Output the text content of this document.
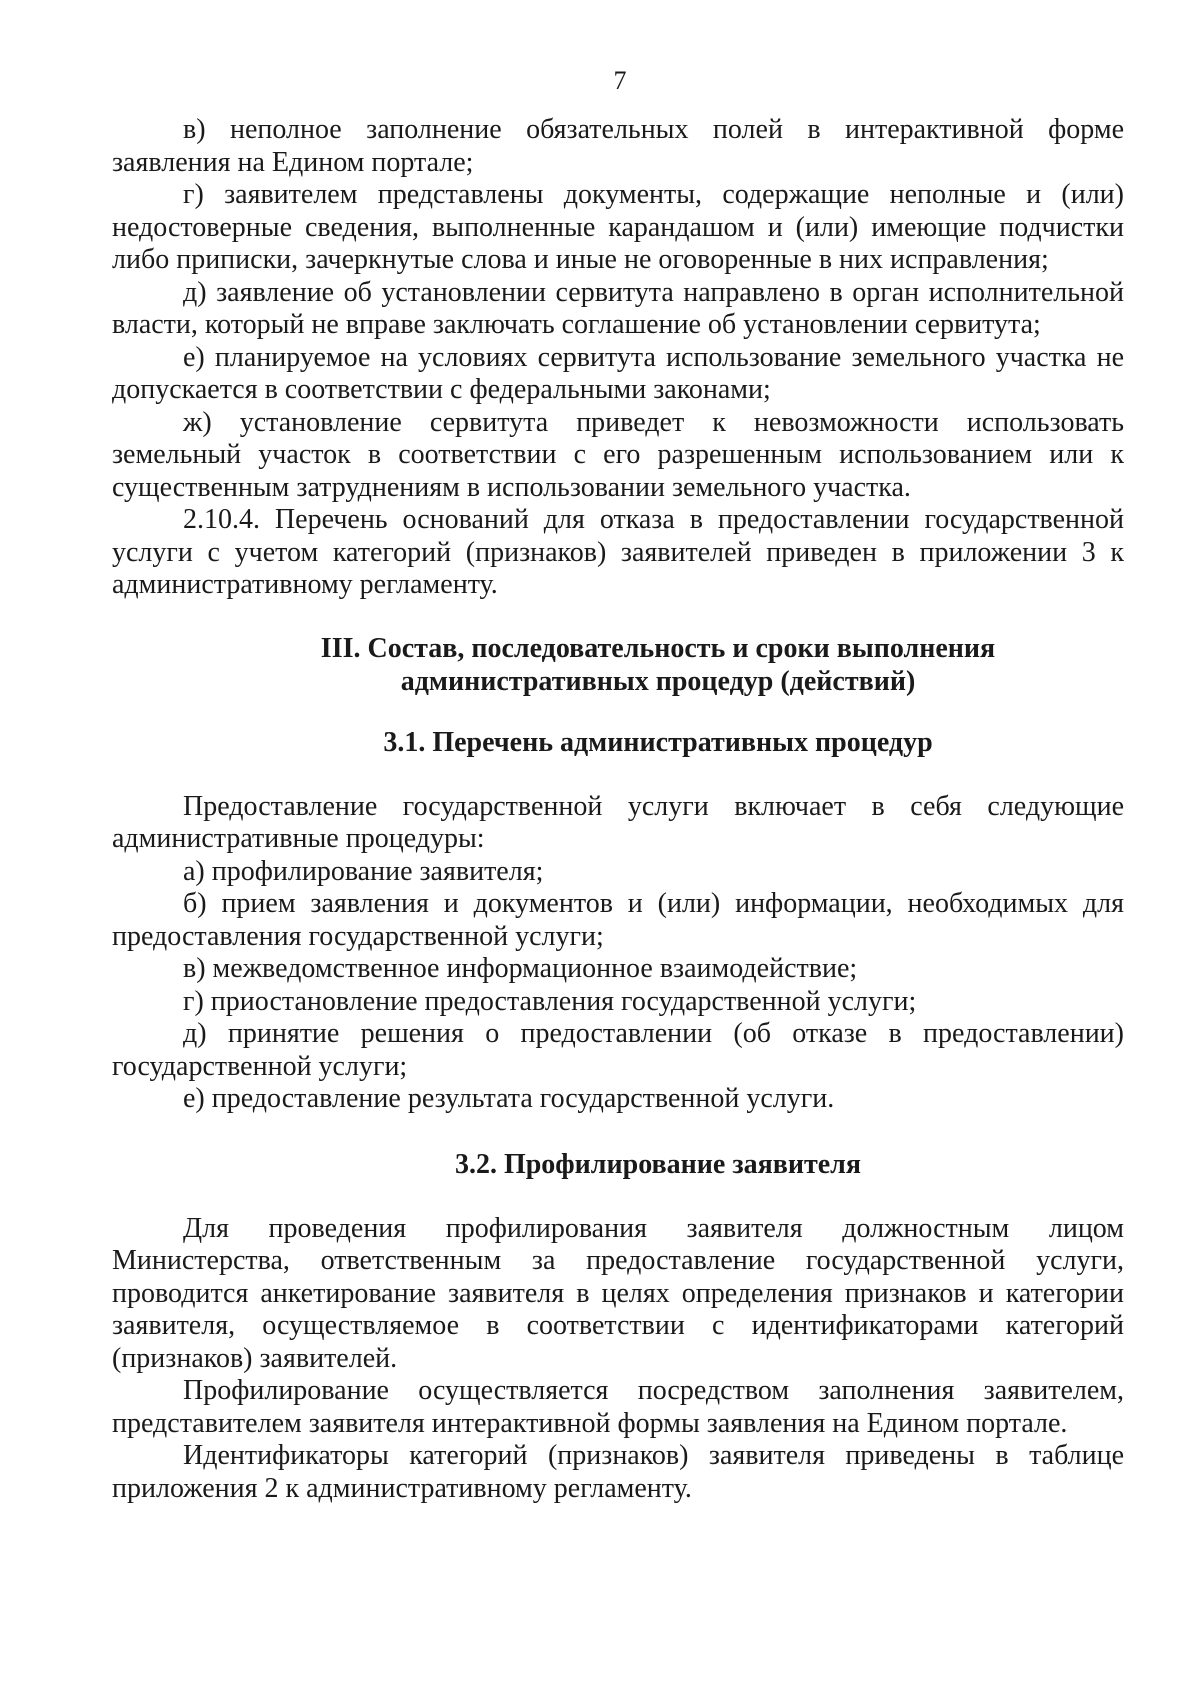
7

в) неполное заполнение обязательных полей в интерактивной форме заявления на Едином портале;

г) заявителем представлены документы, содержащие неполные и (или) недостоверные сведения, выполненные карандашом и (или) имеющие подчистки либо приписки, зачеркнутые слова и иные не оговоренные в них исправления;

д) заявление об установлении сервитута направлено в орган исполнительной власти, который не вправе заключать соглашение об установлении сервитута;

е) планируемое на условиях сервитута использование земельного участка не допускается в соответствии с федеральными законами;

ж) установление сервитута приведет к невозможности использовать земельный участок в соответствии с его разрешенным использованием или к существенным затруднениям в использовании земельного участка.

2.10.4. Перечень оснований для отказа в предоставлении государственной услуги с учетом категорий (признаков) заявителей приведен в приложении 3 к административному регламенту.

III. Состав, последовательность и сроки выполнения
административных процедур (действий)
3.1. Перечень административных процедур

Предоставление государственной услуги включает в себя следующие административные процедуры:

а) профилирование заявителя;

б) прием заявления и документов и (или) информации, необходимых для предоставления государственной услуги;

в) межведомственное информационное взаимодействие;

г) приостановление предоставления государственной услуги;

д) принятие решения о предоставлении (об отказе в предоставлении) государственной услуги;

е) предоставление результата государственной услуги.

3.2. Профилирование заявителя

Для проведения профилирования заявителя должностным лицом Министерства, ответственным за предоставление государственной услуги, проводится анкетирование заявителя в целях определения признаков и категории заявителя, осуществляемое в соответствии с идентификаторами категорий (признаков) заявителей.

Профилирование осуществляется посредством заполнения заявителем, представителем заявителя интерактивной формы заявления на Едином портале.

Идентификаторы категорий (признаков) заявителя приведены в таблице приложения 2 к административному регламенту.
